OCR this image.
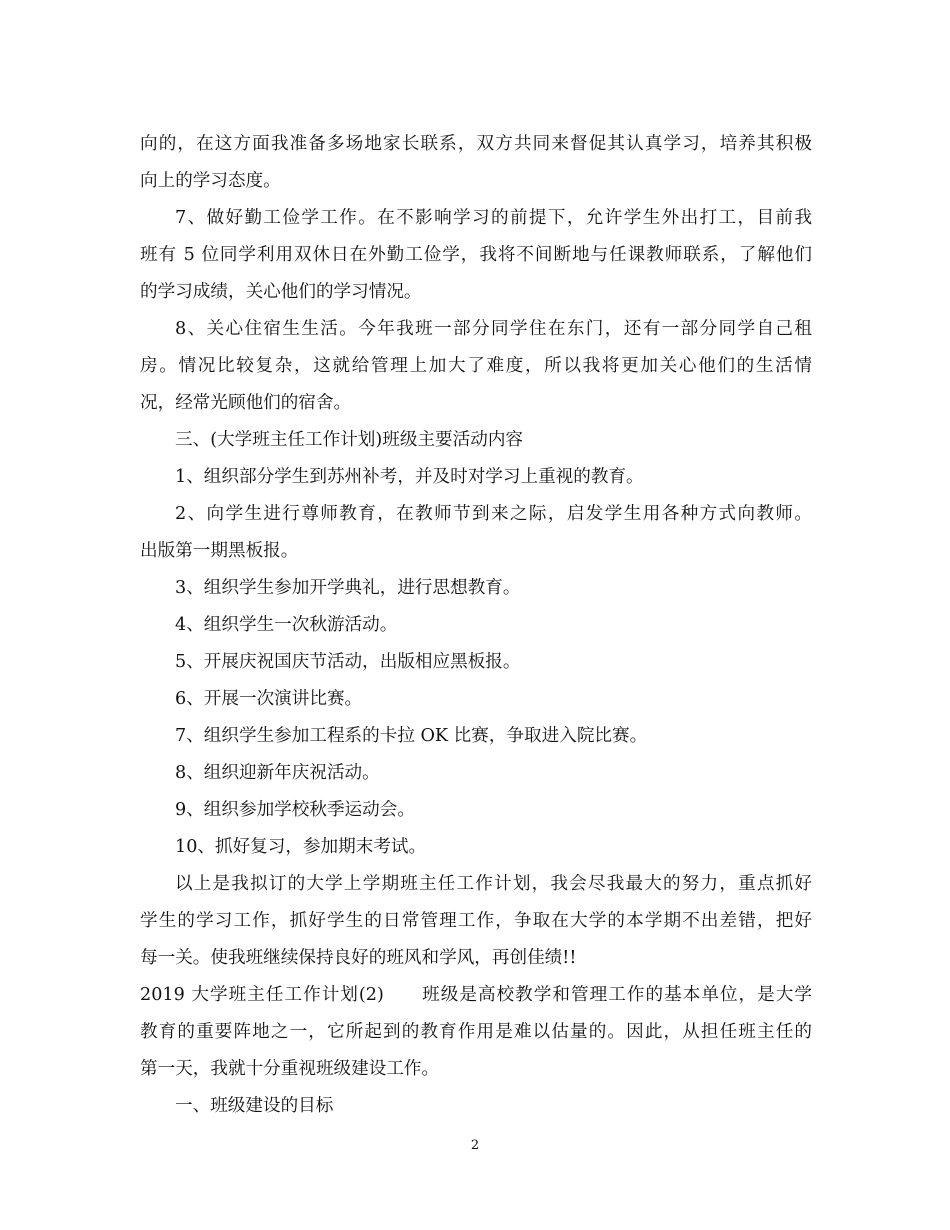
向的，在这方面我准备多场地家长联系，双方共同来督促其认真学习，培养其积极
向上的学习态度。
7、做好勤工俭学工作。在不影响学习的前提下，允许学生外出打工，目前我
班有 5 位同学利用双休日在外勤工俭学，我将不间断地与任课教师联系，了解他们
的学习成绩，关心他们的学习情况。
8、关心住宿生生活。今年我班一部分同学住在东门，还有一部分同学自己租
房。情况比较复杂，这就给管理上加大了难度，所以我将更加关心他们的生活情
况，经常光顾他们的宿舍。
三、(大学班主任工作计划)班级主要活动内容
1、组织部分学生到苏州补考，并及时对学习上重视的教育。
2、向学生进行尊师教育，在教师节到来之际，启发学生用各种方式向教师。
出版第一期黑板报。
3、组织学生参加开学典礼，进行思想教育。
4、组织学生一次秋游活动。
5、开展庆祝国庆节活动，出版相应黑板报。
6、开展一次演讲比赛。
7、组织学生参加工程系的卡拉 OK 比赛，争取进入院比赛。
8、组织迎新年庆祝活动。
9、组织参加学校秋季运动会。
10、抓好复习，参加期末考试。
以上是我拟订的大学上学期班主任工作计划，我会尽我最大的努力，重点抓好
学生的学习工作，抓好学生的日常管理工作，争取在大学的本学期不出差错，把好
每一关。使我班继续保持良好的班风和学风，再创佳绩!!
2019 大学班主任工作计划(2)　　班级是高校教学和管理工作的基本单位，是大学
教育的重要阵地之一，它所起到的教育作用是难以估量的。因此，从担任班主任的
第一天，我就十分重视班级建设工作。
一、班级建设的目标
2
